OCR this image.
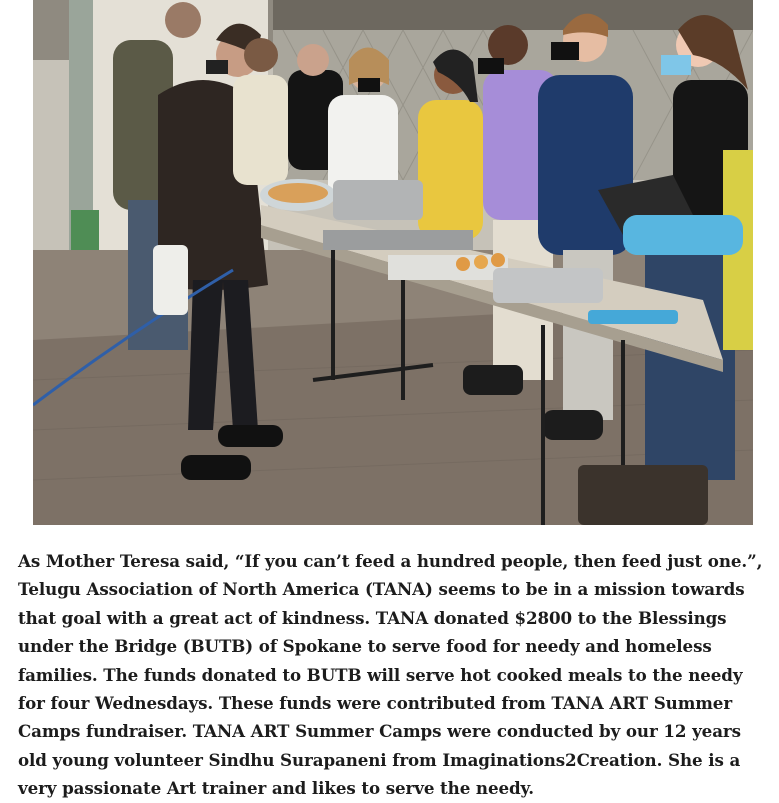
As Mother Teresa said, “If you can’t feed a hundred people, then feed just one.”, Telugu Association of North America (TANA) seems to be in a mission towards that goal with a great act of kindness. TANA donated $2800 to the Blessings under the Bridge (BUTB) of Spokane to serve food for needy and homeless families. The funds donated to BUTB will serve hot cooked meals to the needy for four Wednesdays. These funds were contributed from TANA ART Summer Camps fundraiser. TANA ART Summer Camps were conducted by our 12 years old young volunteer Sindhu Surapaneni from Imaginations2Creation. She is a very passionate Art trainer and likes to serve the needy.
